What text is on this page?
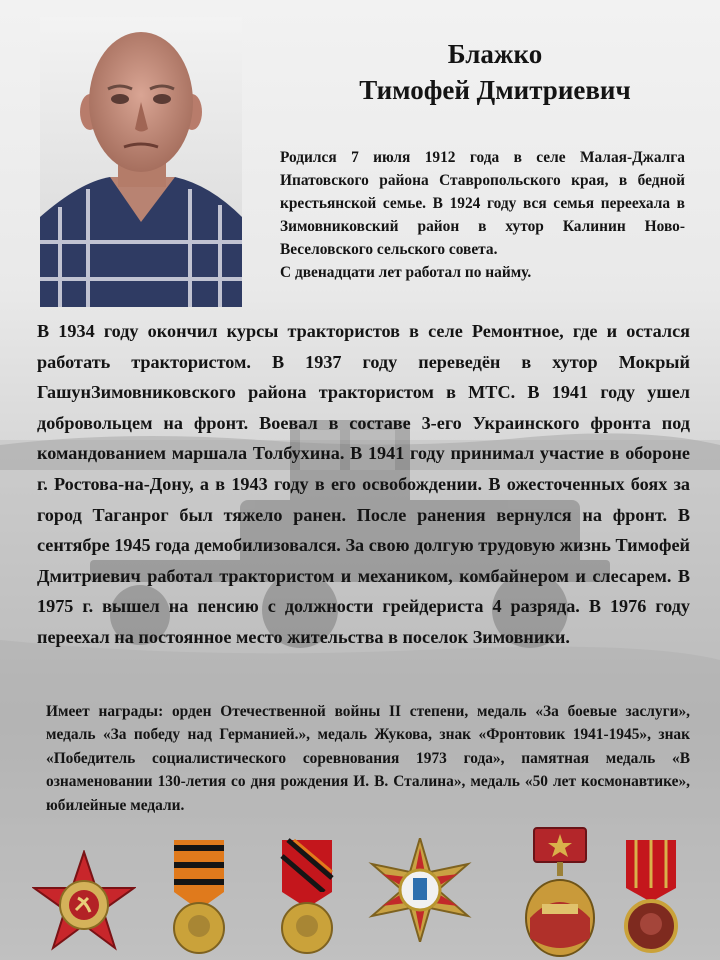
Блажко
Тимофей Дмитриевич

Родился 7 июля 1912 года в селе Малая-Джалга Ипатовского района Ставропольского края, в бедной крестьянской семье. В 1924 году вся семья переехала в Зимовниковский район в хутор Калинин Ново-Веселовского сельского совета.

С двенадцати лет работал по найму.

В 1934 году окончил курсы трактористов в селе Ремонтное, где и остался работать трактористом. В 1937 году переведён в хутор Мокрый ГашунЗимовниковского района трактористом в МТС. В 1941 году ушел добровольцем на фронт. Воевал в составе 3-его Украинского фронта под командованием маршала Толбухина. В 1941 году принимал участие в обороне г. Ростова-на-Дону, а в 1943 году в его освобождении. В ожесточенных боях за город Таганрог был тяжело ранен. После ранения вернулся на фронт. В сентябре 1945 года демобилизовался. За свою долгую трудовую жизнь Тимофей Дмитриевич работал трактористом и механиком, комбайнером и слесарем. В 1975 г. вышел на пенсию с должности грейдериста 4 разряда. В 1976 году переехал на постоянное место жительства в поселок Зимовники.
Имеет награды: орден Отечественной войны II степени, медаль «За боевые заслуги», медаль «За победу над Германией.», медаль Жукова, знак «Фронтовик 1941-1945», знак «Победитель социалистического соревнования 1973 года», памятная медаль «В ознаменовании 130-летия со дня рождения И. В. Сталина», медаль «50 лет космонавтике», юбилейные медали.
